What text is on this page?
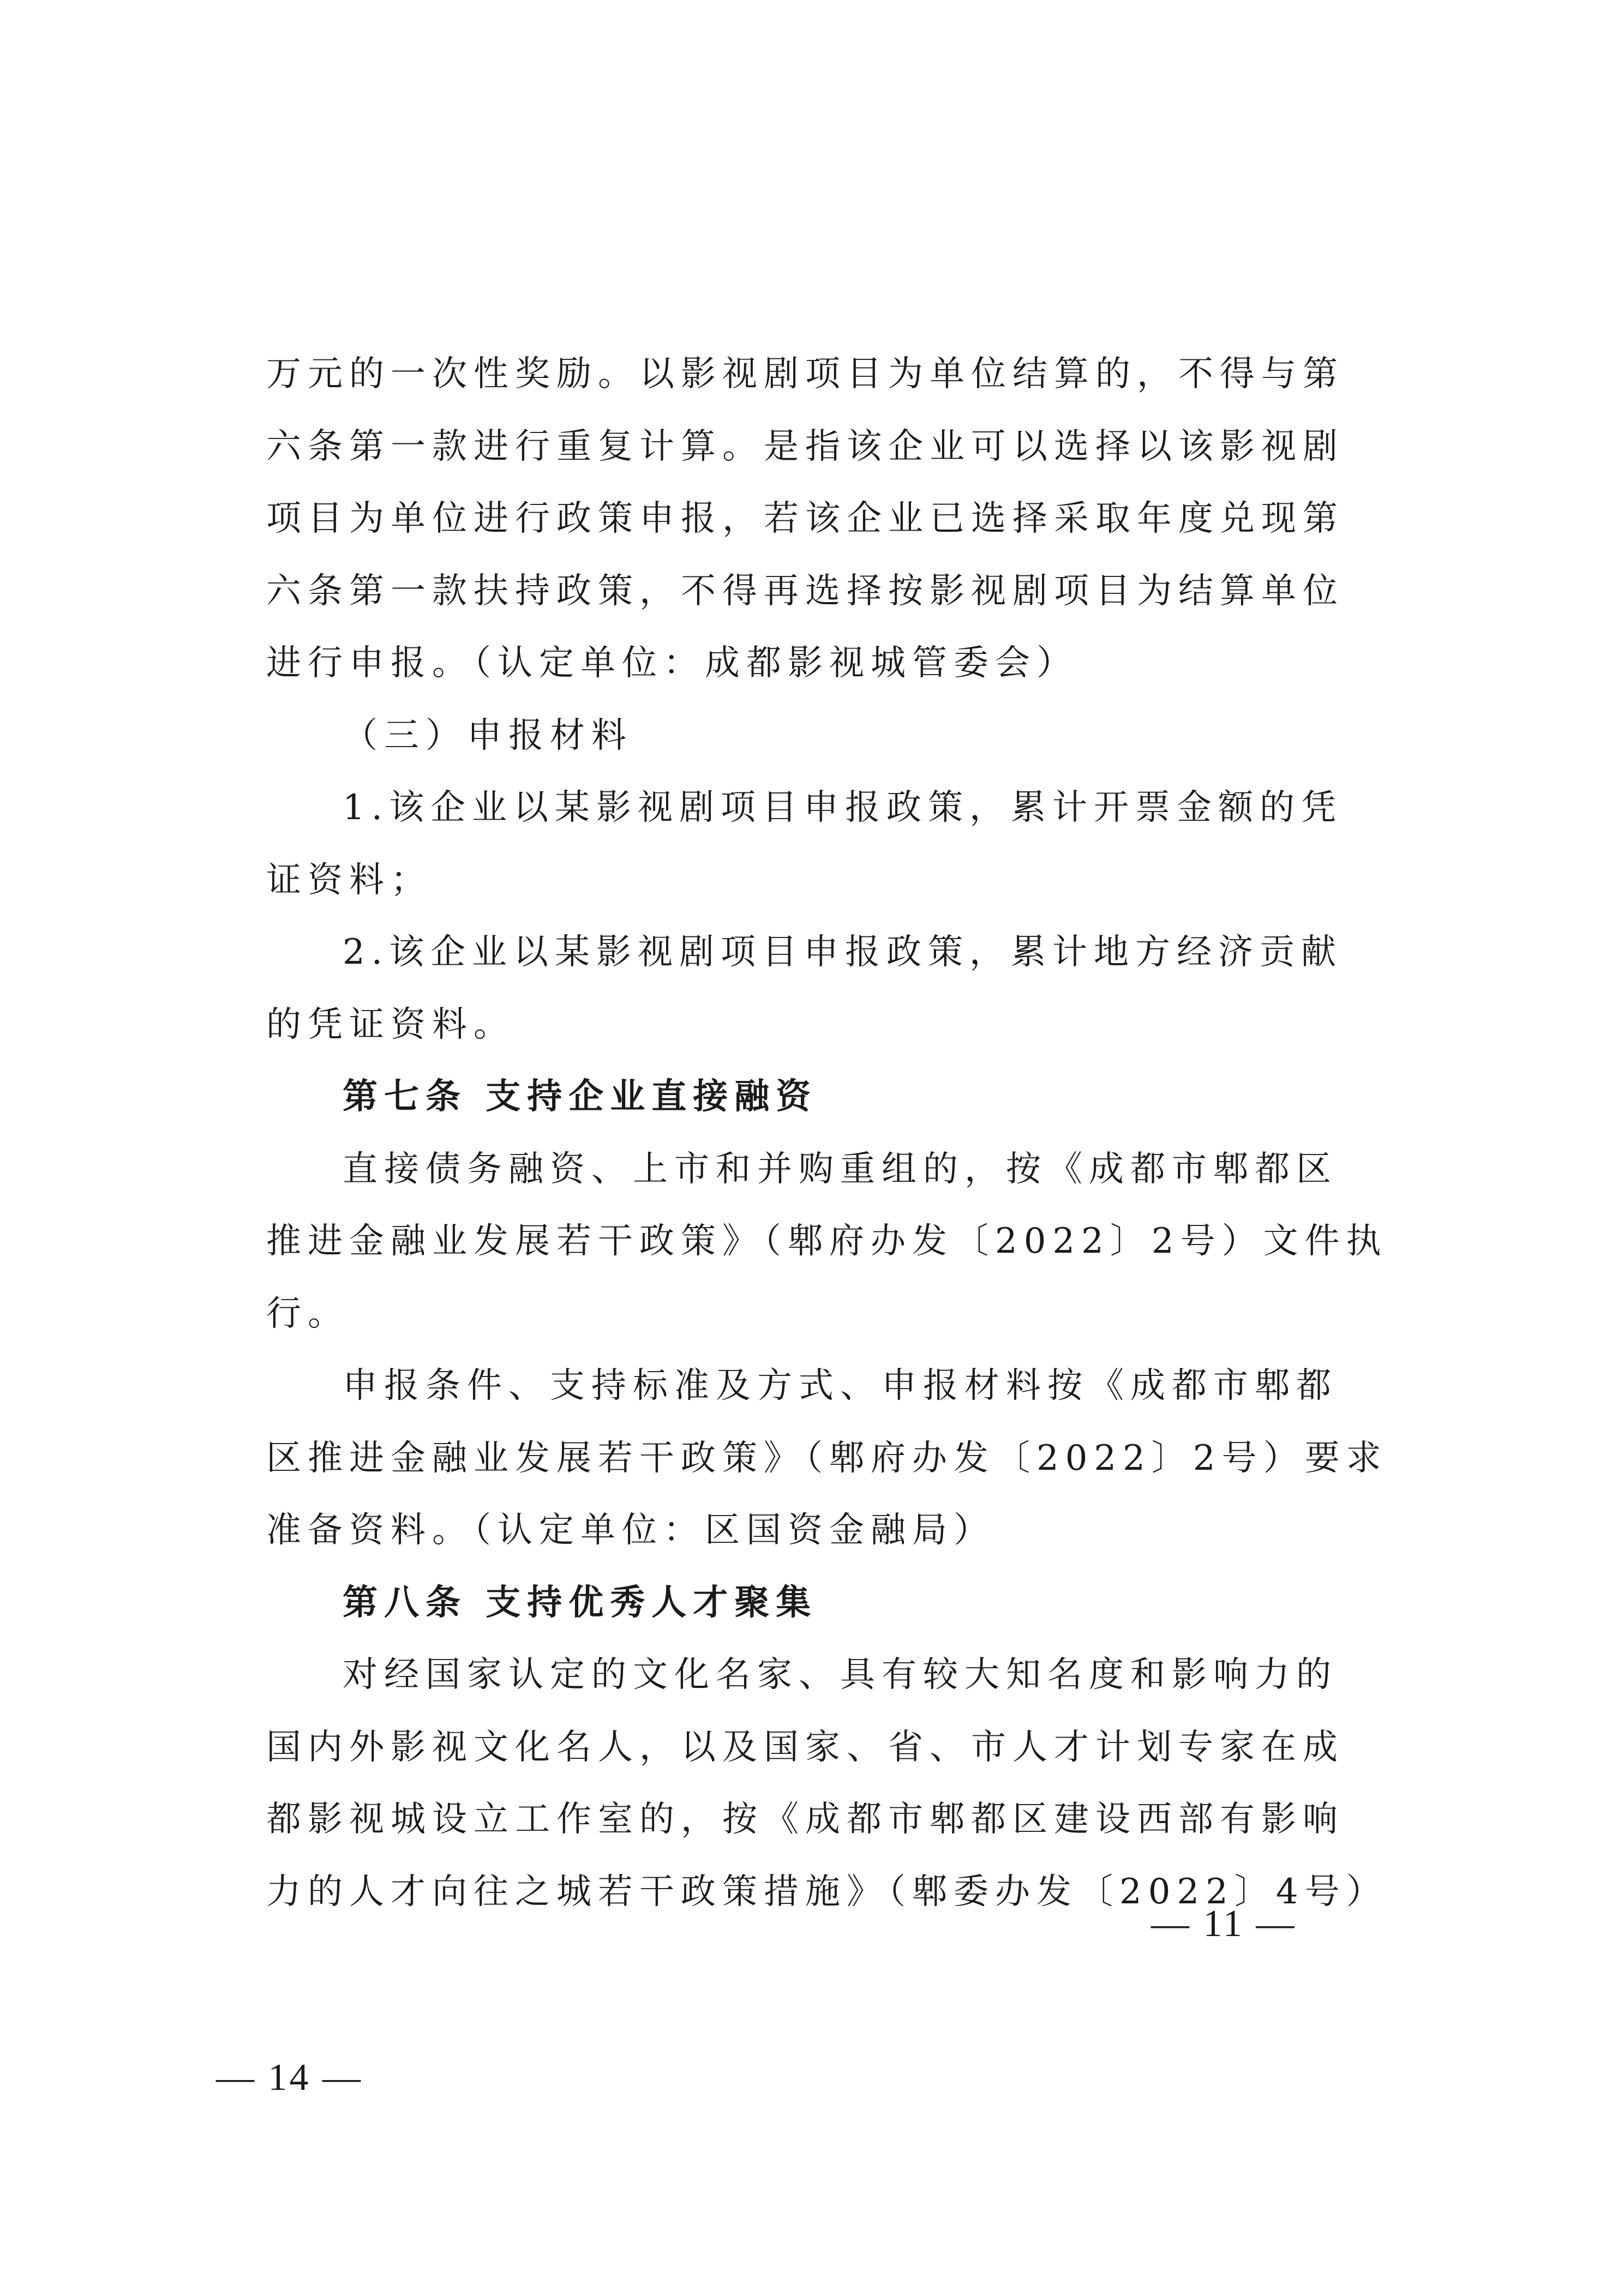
万元的一次性奖励。以影视剧项目为单位结算的，不得与第
六条第一款进行重复计算。是指该企业可以选择以该影视剧
项目为单位进行政策申报，若该企业已选择采取年度兑现第
六条第一款扶持政策，不得再选择按影视剧项目为结算单位
进行申报。（认定单位：成都影视城管委会）
（三）申报材料
1.该企业以某影视剧项目申报政策，累计开票金额的凭
证资料；
2.该企业以某影视剧项目申报政策，累计地方经济贡献
的凭证资料。
第七条 支持企业直接融资
直接债务融资、上市和并购重组的，按《成都市郫都区
推进金融业发展若干政策》（郫府办发〔2022〕2号）文件执
行。
申报条件、支持标准及方式、申报材料按《成都市郫都
区推进金融业发展若干政策》（郫府办发〔2022〕2号）要求
准备资料。（认定单位：区国资金融局）
第八条 支持优秀人才聚集
对经国家认定的文化名家、具有较大知名度和影响力的
国内外影视文化名人，以及国家、省、市人才计划专家在成
都影视城设立工作室的，按《成都市郫都区建设西部有影响
力的人才向往之城若干政策措施》（郫委办发〔2022〕4号）
— 11 —
— 14 —
